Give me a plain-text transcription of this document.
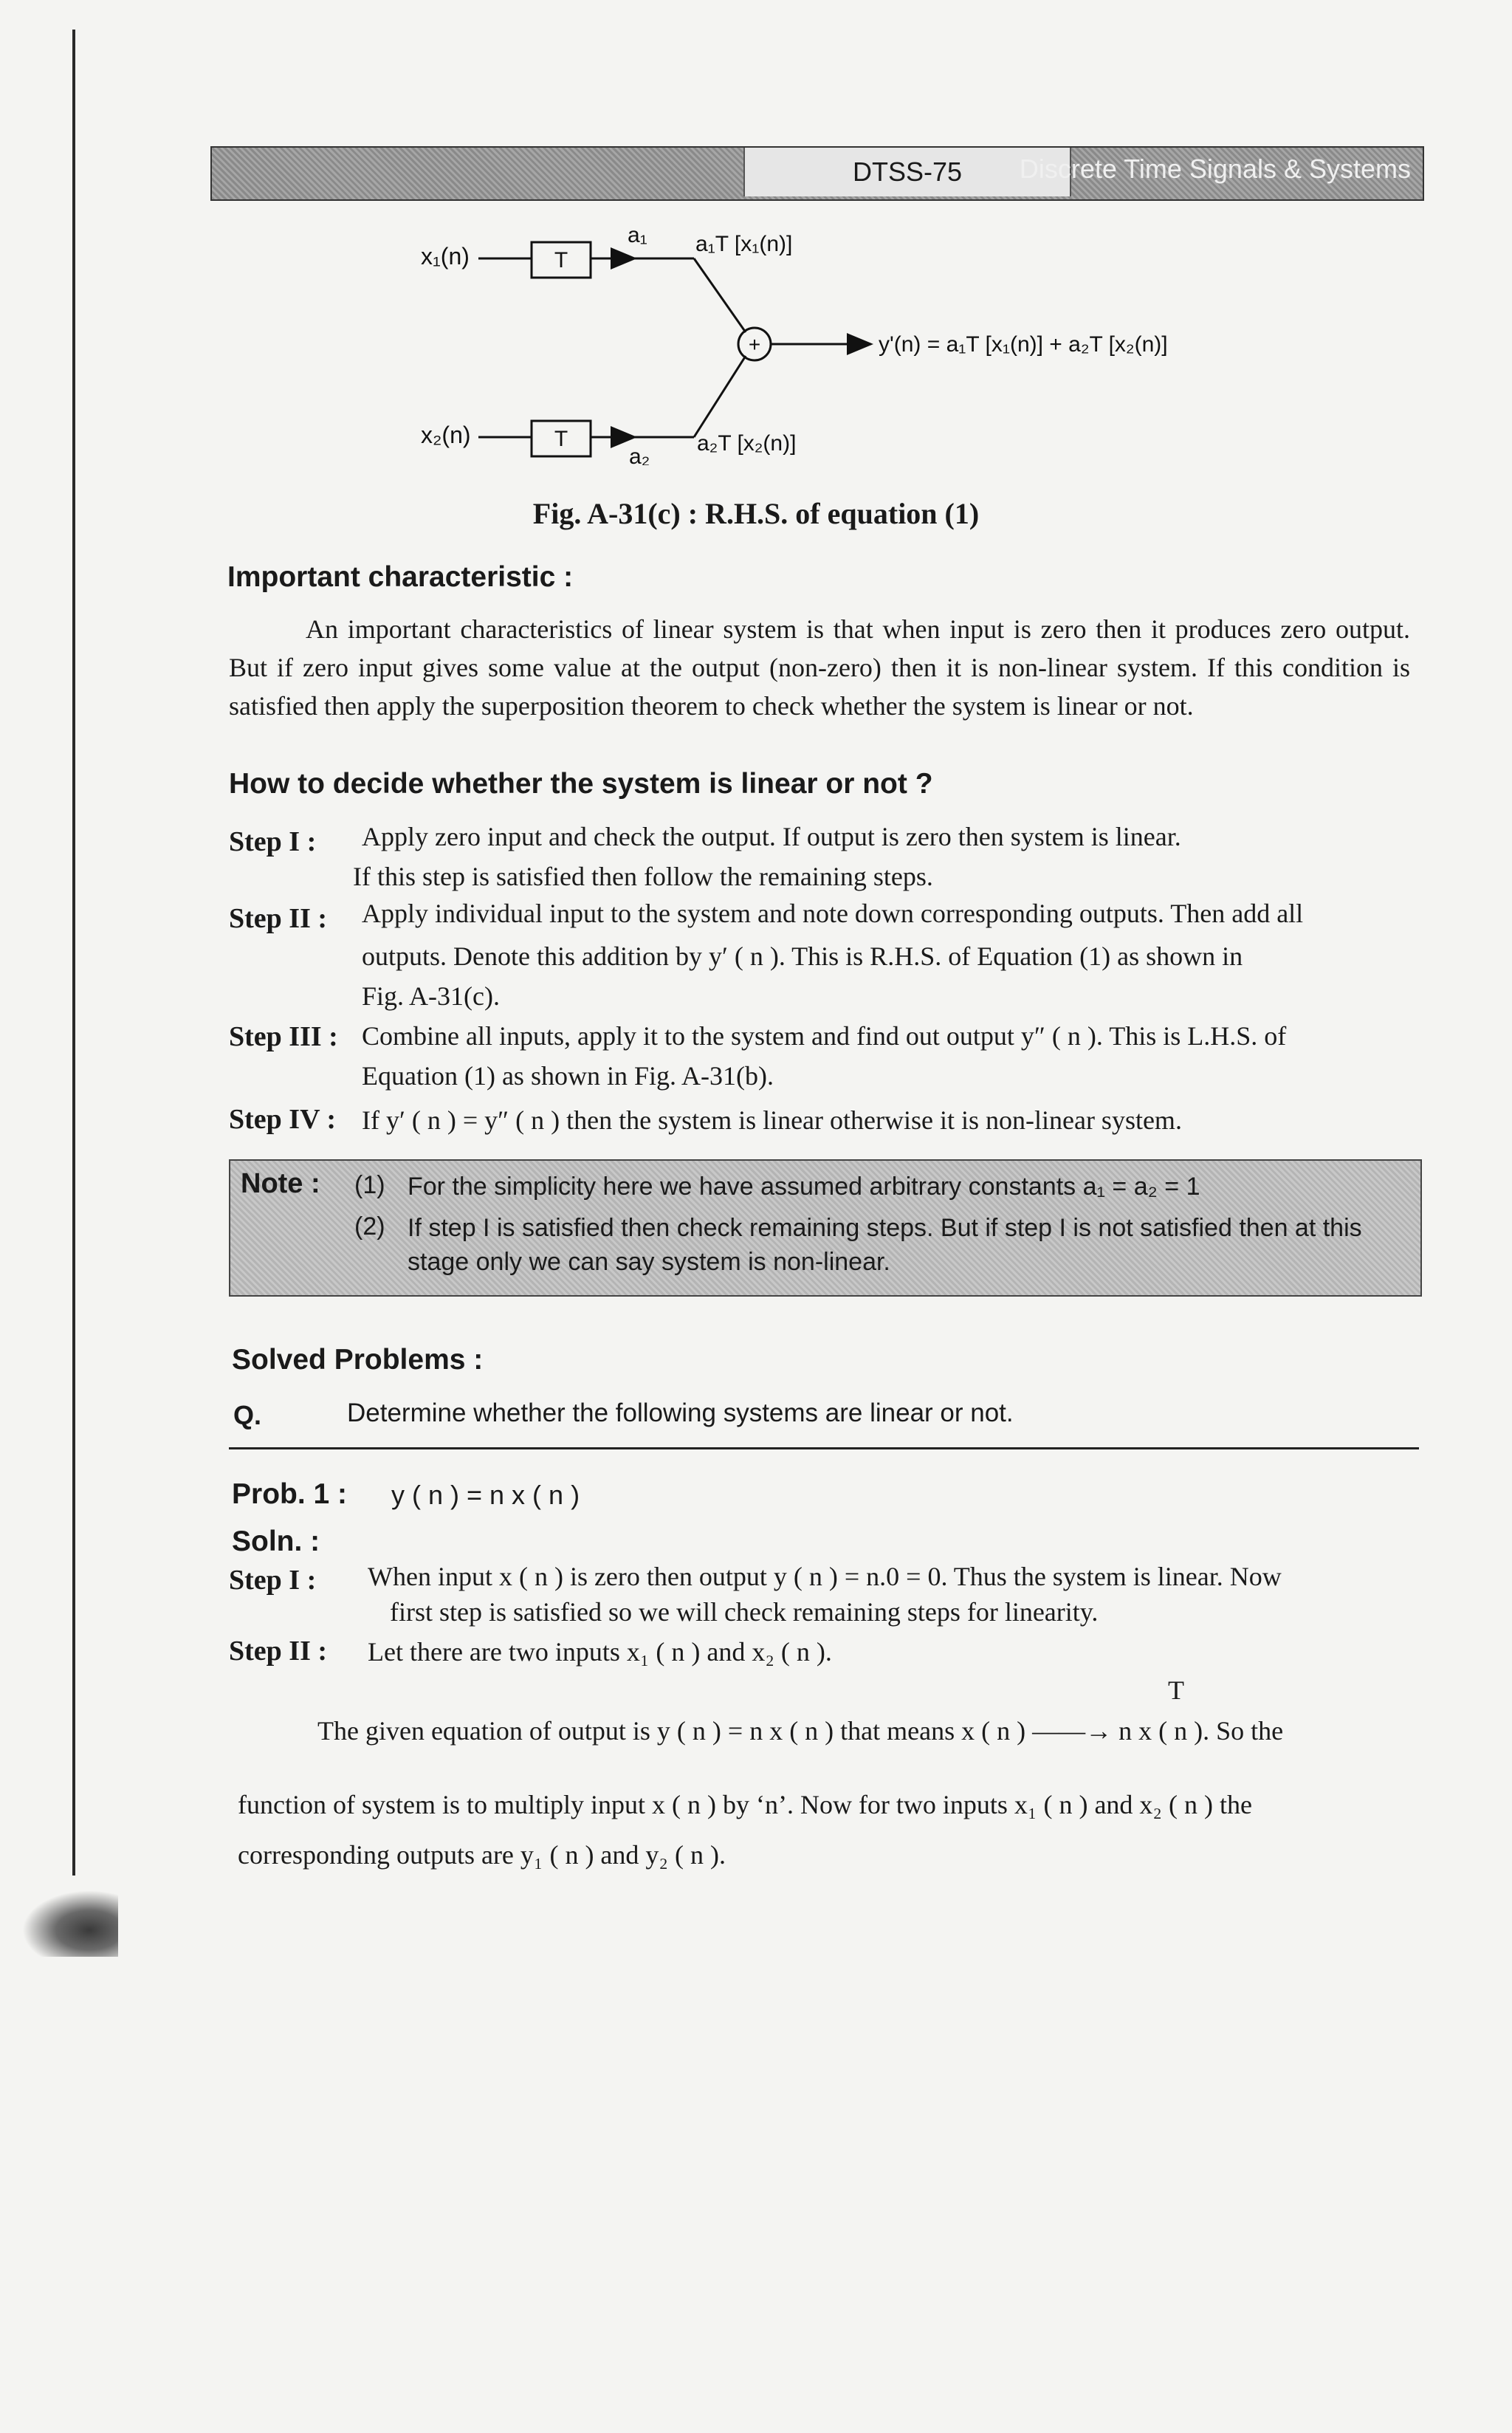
DTSS-75	Discrete Time Signals & Systems
x₁(n)	T
a₁ a₁T [x₁(n)]
+	y'(n) = a₁T [x₁(n)] + a₂T [x₂(n)]
x₂(n)	T
a₂
a₂T [x₂(n)]
Fig. A-31(c) : R.H.S. of equation (1)
Important characteristic :
An important characteristics of linear system is that when input is zero then it produces zero output. But if zero input gives some value at the output (non-zero) then it is non-linear system. If this condition is satisfied then apply the superposition theorem to check whether the system is linear or not.
How to decide whether the system is linear or not ?
Step I : Apply zero input and check the output. If output is zero then system is linear.
If this step is satisfied then follow the remaining steps.
Step II : Apply individual input to the system and note down corresponding outputs. Then add all
outputs. Denote this addition by y′ ( n ). This is R.H.S. of Equation (1) as shown in
Fig. A-31(c).
Step III : Combine all inputs, apply it to the system and find out output y″ ( n ). This is L.H.S. of
Equation (1) as shown in Fig. A-31(b).
Step IV : If y′ ( n ) = y″ ( n ) then the system is linear otherwise it is non-linear system.
Note : (1) For the simplicity here we have assumed arbitrary constants a₁ = a₂ = 1
(2) If step I is satisfied then check remaining steps. But if step I is not satisfied then at this stage only we can say system is non-linear.
Solved Problems :
Q.	Determine whether the following systems are linear or not.
Prob. 1 : y ( n ) = n x ( n )
Soln. :
Step I : When input x ( n ) is zero then output y ( n ) = n.0 = 0. Thus the system is linear. Now
first step is satisfied so we will check remaining steps for linearity.
Step II : Let there are two inputs x₁ ( n ) and x₂ ( n ).
T
The given equation of output is y ( n ) = n x ( n ) that means x ( n ) ——→ n x ( n ). So the
function of system is to multiply input x ( n ) by ‘n’. Now for two inputs x₁ ( n ) and x₂ ( n ) the
corresponding outputs are y₁ ( n ) and y₂ ( n ).
